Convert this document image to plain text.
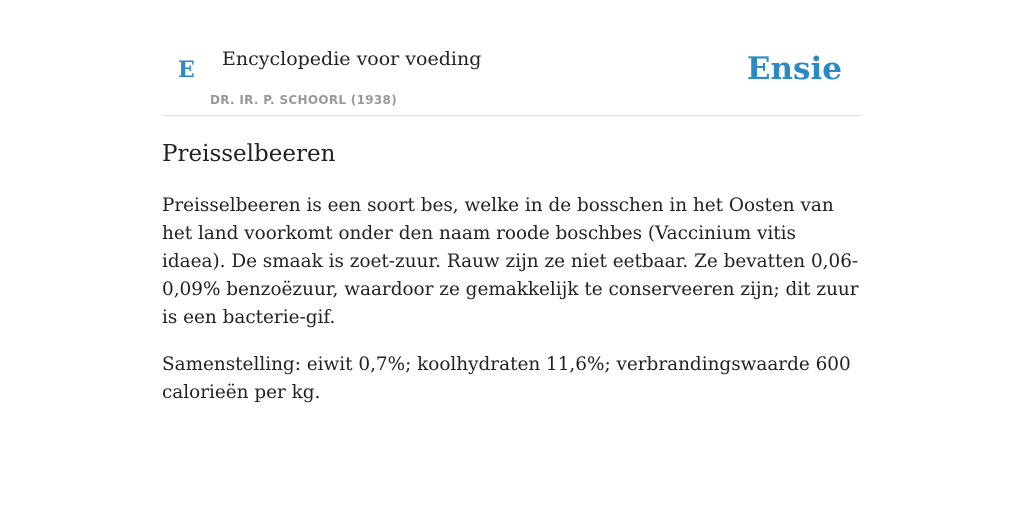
E Encyclopedie voor voeding
DR. IR. P. SCHOORL (1938)
Ensie
Preisselbeeren

Preisselbeeren is een soort bes, welke in de bosschen in het Oosten van het land voorkomt onder den naam roode boschbes (Vaccinium vitis idaea). De smaak is zoet-zuur. Rauw zijn ze niet eetbaar. Ze bevatten 0,06-0,09% benzoëzuur, waardoor ze gemakkelijk te conserveeren zijn; dit zuur is een bacterie-gif.

Samenstelling: eiwit 0,7%; koolhydraten 11,6%; verbrandingswaarde 600 calorieën per kg.
